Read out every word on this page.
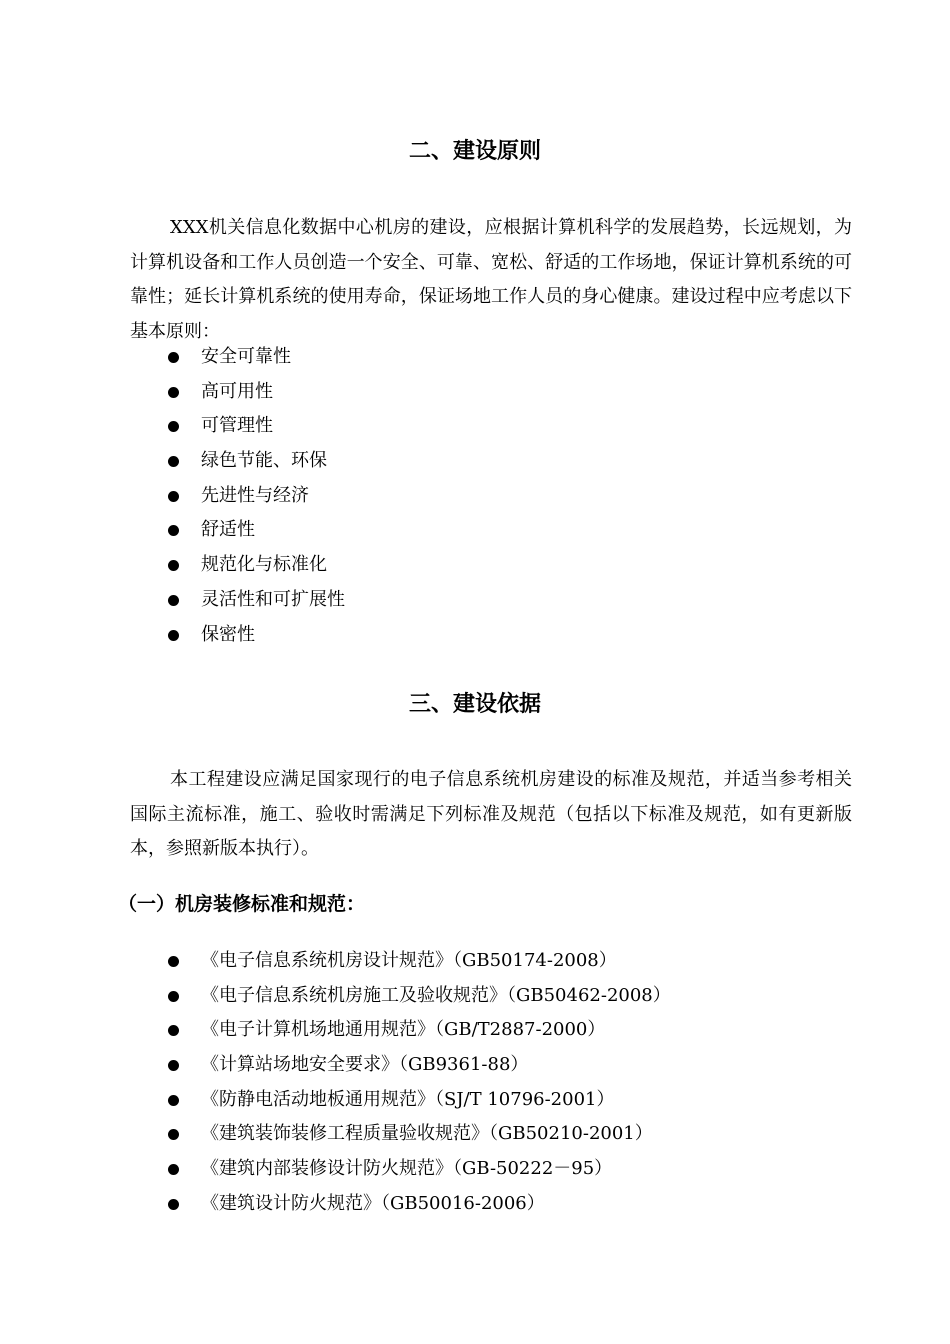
二、建设原则

XXX机关信息化数据中心机房的建设，应根据计算机科学的发展趋势，长远规划，为计算机设备和工作人员创造一个安全、可靠、宽松、舒适的工作场地，保证计算机系统的可靠性；延长计算机系统的使用寿命，保证场地工作人员的身心健康。建设过程中应考虑以下基本原则：

安全可靠性
高可用性
可管理性
绿色节能、环保
先进性与经济
舒适性
规范化与标准化
灵活性和可扩展性
保密性
三、建设依据

本工程建设应满足国家现行的电子信息系统机房建设的标准及规范，并适当参考相关国际主流标准，施工、验收时需满足下列标准及规范（包括以下标准及规范，如有更新版本，参照新版本执行）。

（一）机房装修标准和规范：
《电子信息系统机房设计规范》（GB50174-2008）
《电子信息系统机房施工及验收规范》（GB50462-2008）
《电子计算机场地通用规范》（GB/T2887-2000）
《计算站场地安全要求》（GB9361-88）
《防静电活动地板通用规范》（SJ/T 10796-2001）
《建筑装饰装修工程质量验收规范》（GB50210-2001）
《建筑内部装修设计防火规范》（GB-50222－95）
《建筑设计防火规范》（GB50016-2006）
